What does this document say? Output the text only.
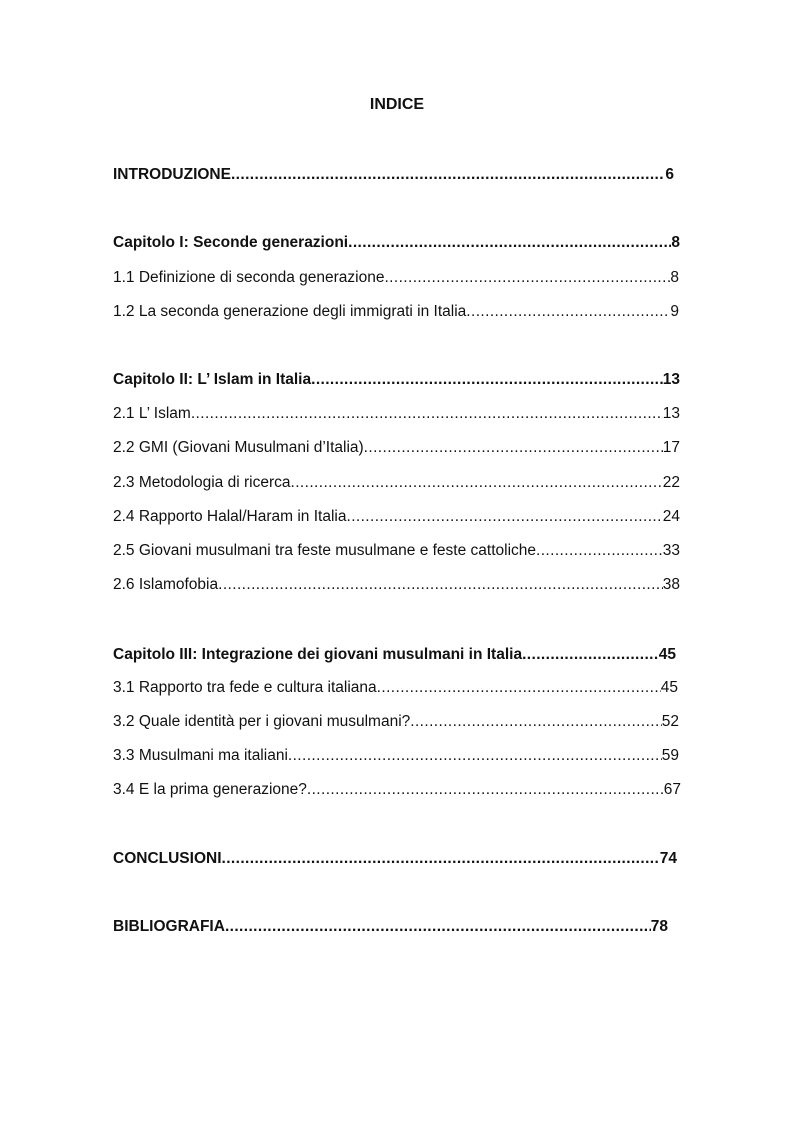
INDICE
INTRODUZIONE .....	6
Capitolo I: Seconde generazioni .....	8
1.1 Definizione di seconda generazione .....	8
1.2 La seconda generazione degli immigrati in Italia .....	9
Capitolo II: L’ Islam in Italia .....	13
2.1 L’ Islam .....	13
2.2 GMI (Giovani Musulmani d’Italia) .....	17
2.3 Metodologia di ricerca .....	22
2.4 Rapporto Halal/Haram in Italia .....	24
2.5 Giovani musulmani tra feste musulmane e feste cattoliche .....	33
2.6 Islamofobia .....	38
Capitolo III: Integrazione dei giovani musulmani in Italia .....	45
3.1 Rapporto tra fede e cultura italiana .....	45
3.2 Quale identità per i giovani musulmani? .....	52
3.3 Musulmani ma italiani .....	59
3.4 E la prima generazione? .....	67
CONCLUSIONI .....	74
BIBLIOGRAFIA .....	78
